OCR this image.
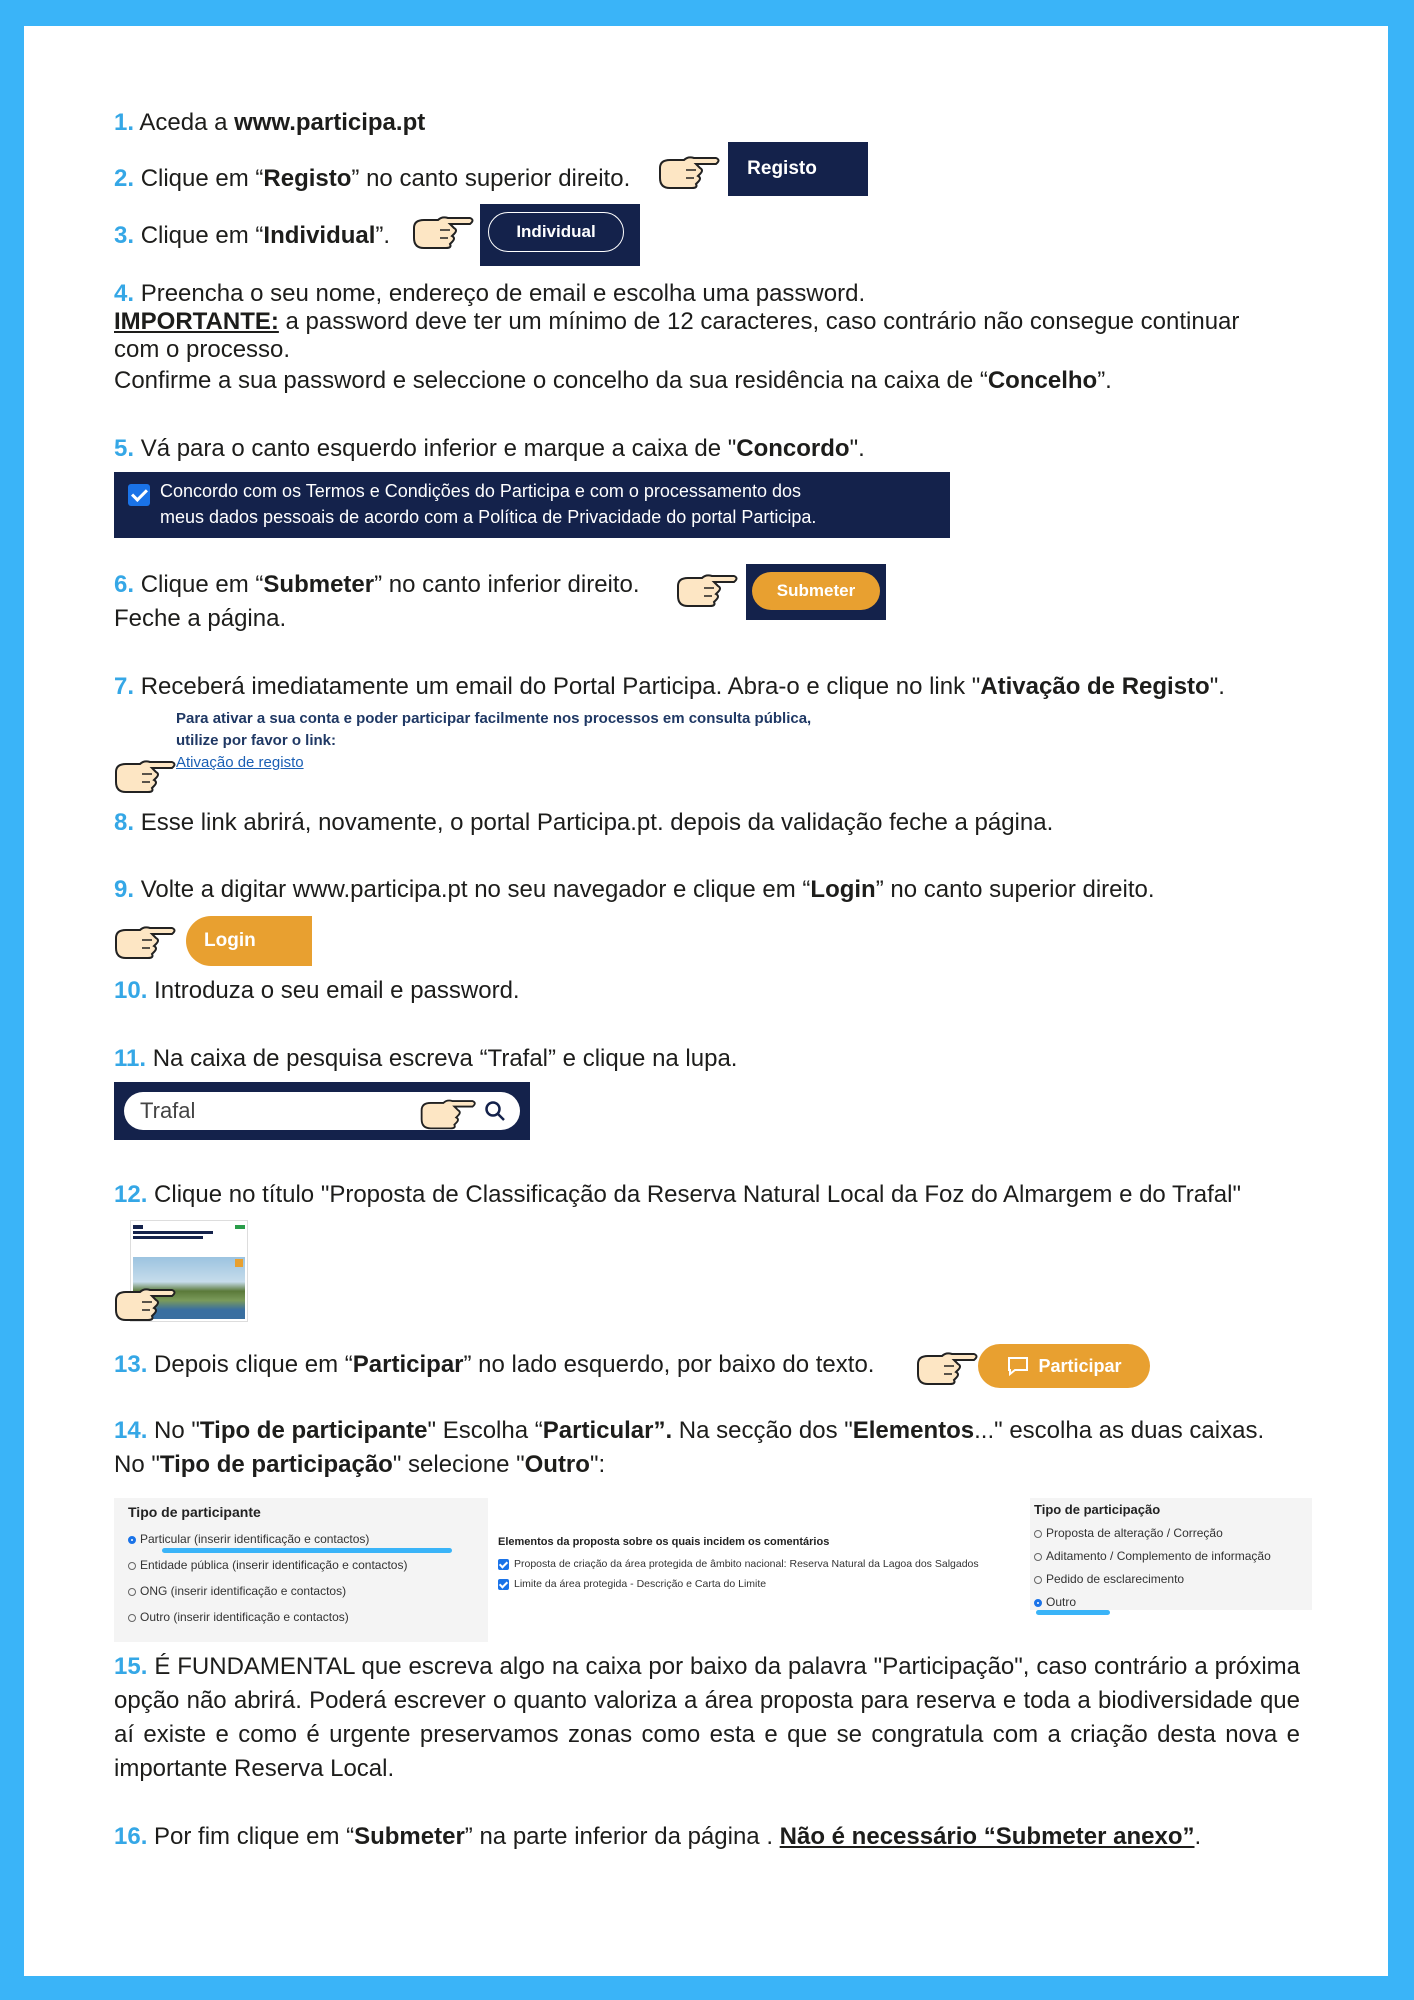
1. Aceda a www.participa.pt
2. Clique em “Registo” no canto superior direito.	Registo
3. Clique em “Individual”.	Individual
4. Preencha o seu nome, endereço de email e escolha uma password.
IMPORTANTE: a password deve ter um mínimo de 12 caracteres, caso contrário não consegue continuar
com o processo.
Confirme a sua password e seleccione o concelho da sua residência na caixa de “Concelho”.
5. Vá para o canto esquerdo inferior e marque a caixa de "Concordo".
Concordo com os Termos e Condições do Participa e com o processamento dos
meus dados pessoais de acordo com a Política de Privacidade do portal Participa.
6. Clique em “Submeter” no canto inferior direito.
Feche a página.
Submeter
7. Receberá imediatamente um email do Portal Participa. Abra-o e clique no link "Ativação de Registo".
Para ativar a sua conta e poder participar facilmente nos processos em consulta pública,
utilize por favor o link:
Ativação de registo
8. Esse link abrirá, novamente, o portal Participa.pt. depois da validação feche a página.
9. Volte a digitar www.participa.pt no seu navegador e clique em “Login” no canto superior direito.
Login
10. Introduza o seu email e password.
11. Na caixa de pesquisa escreva “Trafal” e clique na lupa.
Trafal
12. Clique no título "Proposta de Classificação da Reserva Natural Local da Foz do Almargem e do Trafal"
13. Depois clique em “Participar” no lado esquerdo, por baixo do texto.	Participar
14. No "Tipo de participante" Escolha “Particular”. Na secção dos "Elementos..." escolha as duas caixas.
No "Tipo de participação" selecione "Outro":
Tipo de participante
Particular (inserir identificação e contactos)
Entidade pública (inserir identificação e contactos)
ONG (inserir identificação e contactos)
Outro (inserir identificação e contactos)
Elementos da proposta sobre os quais incidem os comentários
Proposta de criação da área protegida de âmbito nacional: Reserva Natural da Lagoa dos Salgados
Limite da área protegida - Descrição e Carta do Limite
Tipo de participação
Proposta de alteração / Correção
Aditamento / Complemento de informação
Pedido de esclarecimento
Outro
15. É FUNDAMENTAL que escreva algo na caixa por baixo da palavra "Participação", caso contrário a próxima opção não abrirá. Poderá escrever o quanto valoriza a área proposta para reserva e toda a biodiversidade que aí existe e como é urgente preservamos zonas como esta e que se congratula com a criação desta nova e importante Reserva Local.
16. Por fim clique em “Submeter” na parte inferior da página . Não é necessário “Submeter anexo”.
